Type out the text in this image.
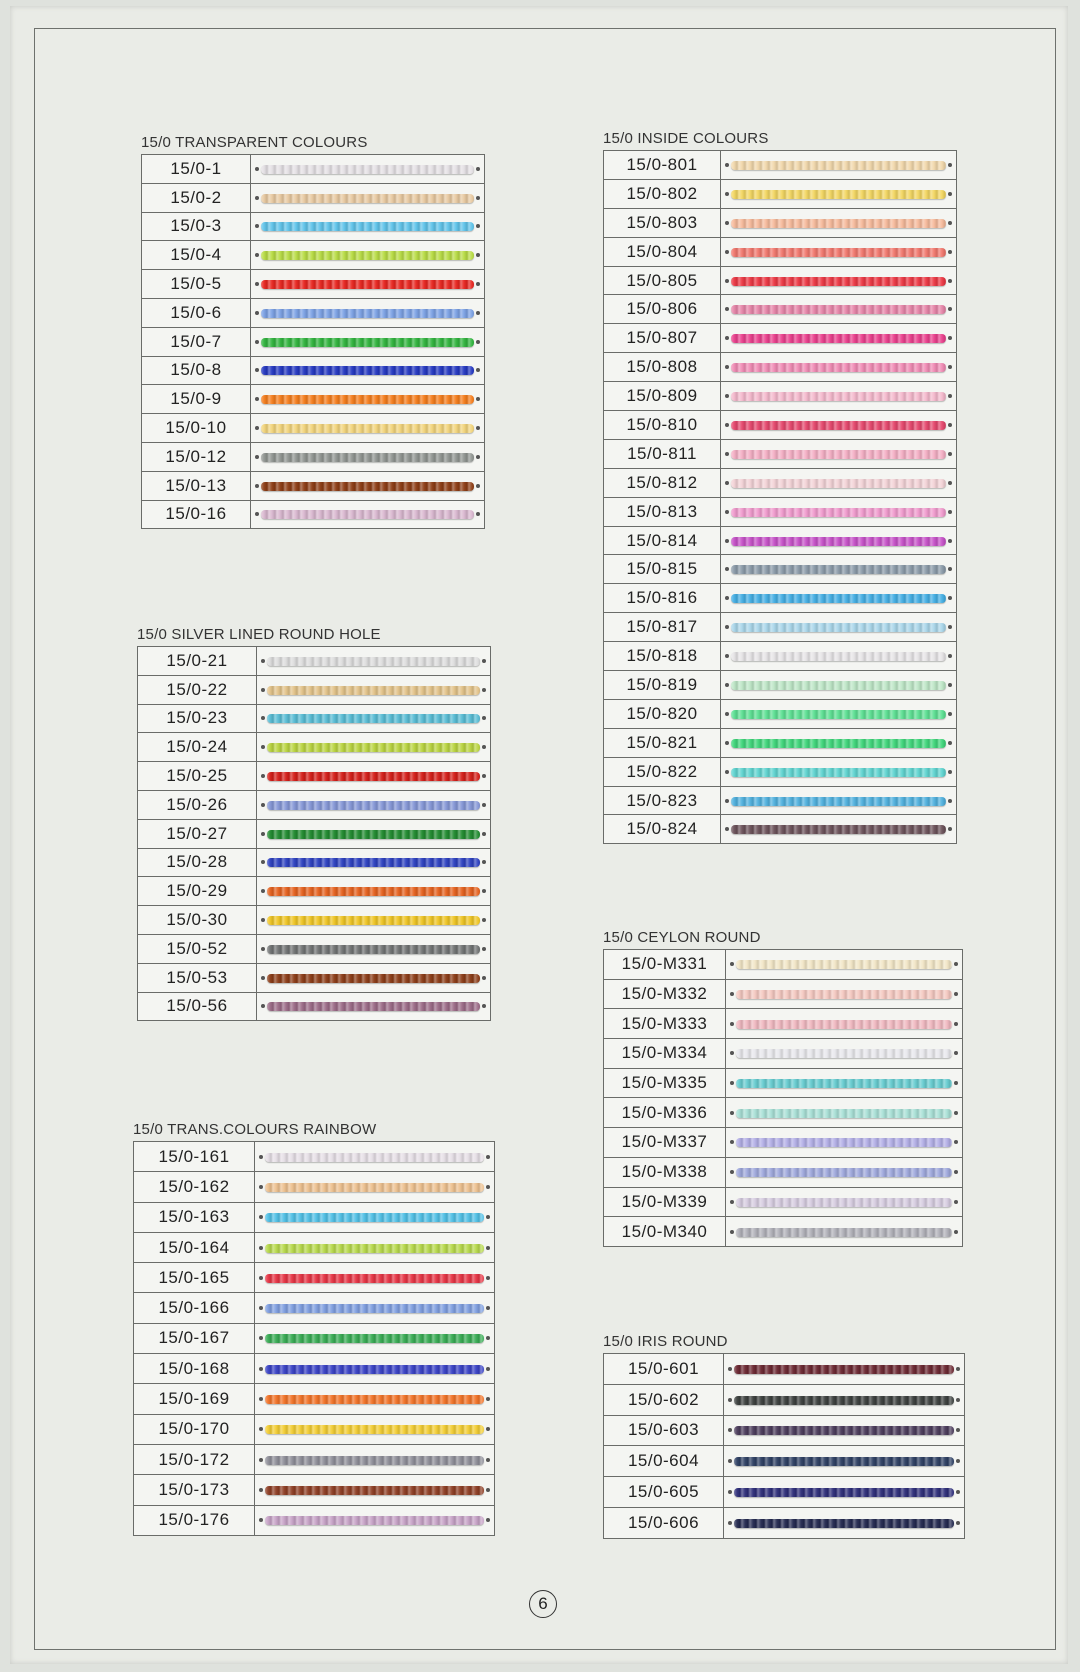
15/0 TRANSPARENT COLOURS
15/0-1	

15/0-2	

15/0-3	

15/0-4	

15/0-5	

15/0-6	

15/0-7	

15/0-8	

15/0-9	

15/0-10	

15/0-12	

15/0-13	

15/0-16	
15/0 SILVER LINED ROUND HOLE
15/0-21	

15/0-22	

15/0-23	

15/0-24	

15/0-25	

15/0-26	

15/0-27	

15/0-28	

15/0-29	

15/0-30	

15/0-52	

15/0-53	

15/0-56	
15/0 TRANS.COLOURS RAINBOW
15/0-161	

15/0-162	

15/0-163	

15/0-164	

15/0-165	

15/0-166	

15/0-167	

15/0-168	

15/0-169	

15/0-170	

15/0-172	

15/0-173	

15/0-176	
15/0 INSIDE COLOURS
15/0-801	

15/0-802	

15/0-803	

15/0-804	

15/0-805	

15/0-806	

15/0-807	

15/0-808	

15/0-809	

15/0-810	

15/0-811	

15/0-812	

15/0-813	

15/0-814	

15/0-815	

15/0-816	

15/0-817	

15/0-818	

15/0-819	

15/0-820	

15/0-821	

15/0-822	

15/0-823	

15/0-824	
15/0 CEYLON ROUND
15/0-M331	

15/0-M332	

15/0-M333	

15/0-M334	

15/0-M335	

15/0-M336	

15/0-M337	

15/0-M338	

15/0-M339	

15/0-M340	
15/0 IRIS ROUND
15/0-601	

15/0-602	

15/0-603	

15/0-604	

15/0-605	

15/0-606	
6
